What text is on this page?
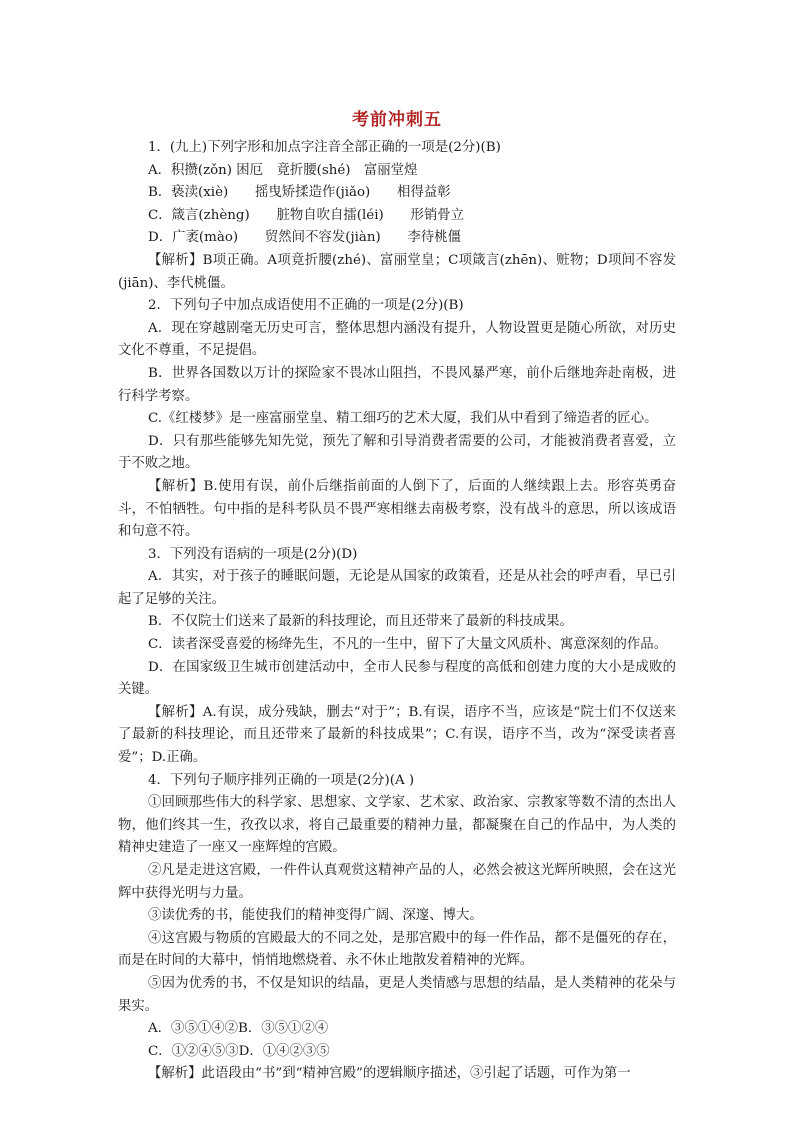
考前冲刺五

1．(九上)下列字形和加点字注音全部正确的一项是(2分)(B)

A．积攒(zǒn) 困厄　竟折腰(shé)　富丽堂煌

B．亵渎(xiè)　　摇曳矫揉造作(jiǎo)　　相得益彰

C．箴言(zhèng)　　脏物自吹自擂(léi)　　形销骨立

D．广袤(mào)　　贸然间不容发(jiàn)　　李待桃僵

【解析】B项正确。A项竟折腰(zhé)、富丽堂皇；C项箴言(zhēn)、赃物；D项间不容发(jiān)、李代桃僵。

2．下列句子中加点成语使用不正确的一项是(2分)(B)

A．现在穿越剧毫无历史可言，整体思想内涵没有提升，人物设置更是随心所欲，对历史文化不尊重，不足提倡。

B．世界各国数以万计的探险家不畏冰山阻挡，不畏风暴严寒，前仆后继地奔赴南极，进行科学考察。

C.《红楼梦》是一座富丽堂皇、精工细巧的艺术大厦，我们从中看到了缔造者的匠心。

D．只有那些能够先知先觉，预先了解和引导消费者需要的公司，才能被消费者喜爱，立于不败之地。

【解析】B.使用有误，前仆后继指前面的人倒下了，后面的人继续跟上去。形容英勇奋斗，不怕牺牲。句中指的是科考队员不畏严寒相继去南极考察，没有战斗的意思，所以该成语和句意不符。

3．下列没有语病的一项是(2分)(D)

A．其实，对于孩子的睡眠问题，无论是从国家的政策看，还是从社会的呼声看，早已引起了足够的关注。

B．不仅院士们送来了最新的科技理论，而且还带来了最新的科技成果。

C．读者深受喜爱的杨绛先生，不凡的一生中，留下了大量文风质朴、寓意深刻的作品。

D．在国家级卫生城市创建活动中，全市人民参与程度的高低和创建力度的大小是成败的关键。

【解析】A.有误，成分残缺，删去“对于”；B.有误，语序不当，应该是“院士们不仅送来了最新的科技理论，而且还带来了最新的科技成果”；C.有误，语序不当，改为“深受读者喜爱”；D.正确。

4．下列句子顺序排列正确的一项是(2分)(A )

①回顾那些伟大的科学家、思想家、文学家、艺术家、政治家、宗教家等数不清的杰出人物，他们终其一生，孜孜以求，将自己最重要的精神力量，都凝聚在自己的作品中，为人类的精神史建造了一座又一座辉煌的宫殿。

②凡是走进这宫殿，一件件认真观赏这精神产品的人，必然会被这光辉所映照，会在这光辉中获得光明与力量。

③读优秀的书，能使我们的精神变得广阔、深邃、博大。

④这宫殿与物质的宫殿最大的不同之处，是那宫殿中的每一件作品，都不是僵死的存在，而是在时间的大幕中，悄悄地燃烧着、永不休止地散发着精神的光辉。

⑤因为优秀的书，不仅是知识的结晶，更是人类情感与思想的结晶，是人类精神的花朵与果实。

A．③⑤①④②B．③⑤①②④

C．①②④⑤③D．①④②③⑤

【解析】此语段由“书”到“精神宫殿”的逻辑顺序描述，③引起了话题，可作为第一
